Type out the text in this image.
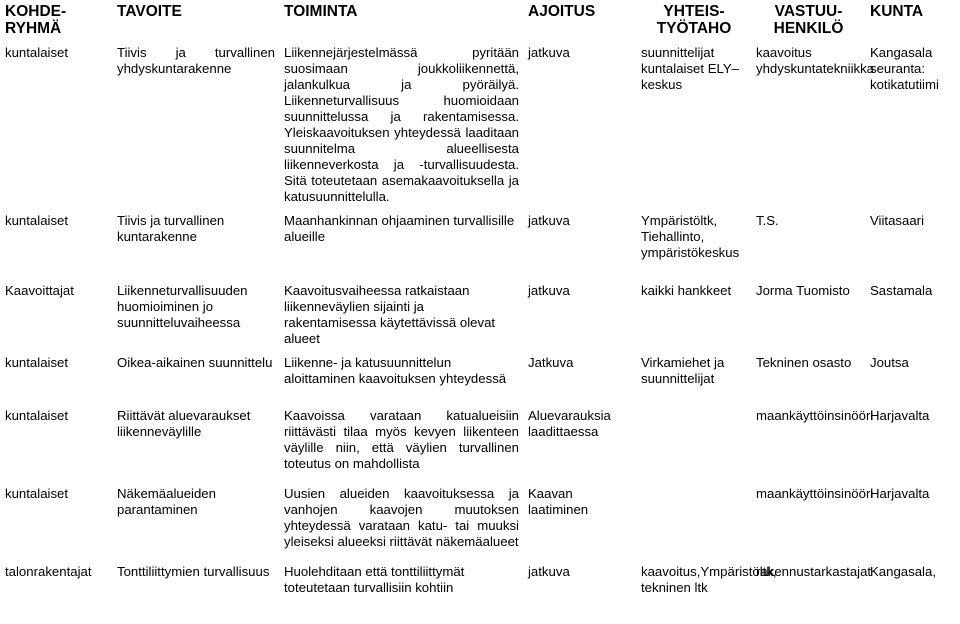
KOHDE-RYHMÄ	TAVOITE	TOIMINTA	AJOITUS	YHTEIS-TYÖTAHO	VASTUU-HENKILÖ	KUNTA
kuntalaiset	Tiivis ja turvallinen yhdyskuntarakenne	Liikennejärjestelmässä pyritään suosimaan joukkoliikennettä, jalankulkua ja pyöräilyä. Liikenneturvallisuus huomioidaan suunnittelussa ja rakentamisessa. Yleiskaavoituksen yhteydessä laaditaan suunnitelma alueellisesta liikenneverkosta ja -turvallisuudesta. Sitä toteutetaan asemakaavoituksella ja katusuunnittelulla.	jatkuva	suunnittelijat kuntalaiset ELY–keskus	kaavoitus yhdyskuntatekniikka	Kangasala seuranta: kotikatutiimi
kuntalaiset	Tiivis ja turvallinen kuntarakenne	Maanhankinnan ohjaaminen turvallisille alueille	jatkuva	Ympäristöltk, Tiehallinto, ympäristökeskus	T.S.	Viitasaari
Kaavoittajat	Liikenneturvallisuuden huomioiminen jo suunnitteluvaiheessa	Kaavoitusvaiheessa ratkaistaan liikenneväylien sijainti ja rakentamisessa käytettävissä olevat alueet	jatkuva	kaikki hankkeet	Jorma Tuomisto	Sastamala
kuntalaiset	Oikea-aikainen suunnittelu	Liikenne- ja katusuunnittelun aloittaminen kaavoituksen yhteydessä	Jatkuva	Virkamiehet ja suunnittelijat	Tekninen osasto	Joutsa
kuntalaiset	Riittävät aluevaraukset liikenneväylille	Kaavoissa varataan katualueisiin riittävästi tilaa myös kevyen liikenteen väylille niin, että väylien turvallinen toteutus on mahdollista	Aluevarauksia laadittaessa		maankäyttöinsinööri	Harjavalta
kuntalaiset	Näkemäalueiden parantaminen	Uusien alueiden kaavoituksessa ja vanhojen kaavojen muutoksen yhteydessä varataan katu- tai muuksi yleiseksi alueeksi riittävät näkemäalueet	Kaavan laatiminen		maankäyttöinsinööri	Harjavalta
talonrakentajat	Tonttiliittymien turvallisuus	Huolehditaan että tonttiliittymät toteutetaan turvallisiin kohtiin	jatkuva	kaavoitus,Ympäristöltk, tekninen ltk	rakennustarkastajat	Kangasala,
